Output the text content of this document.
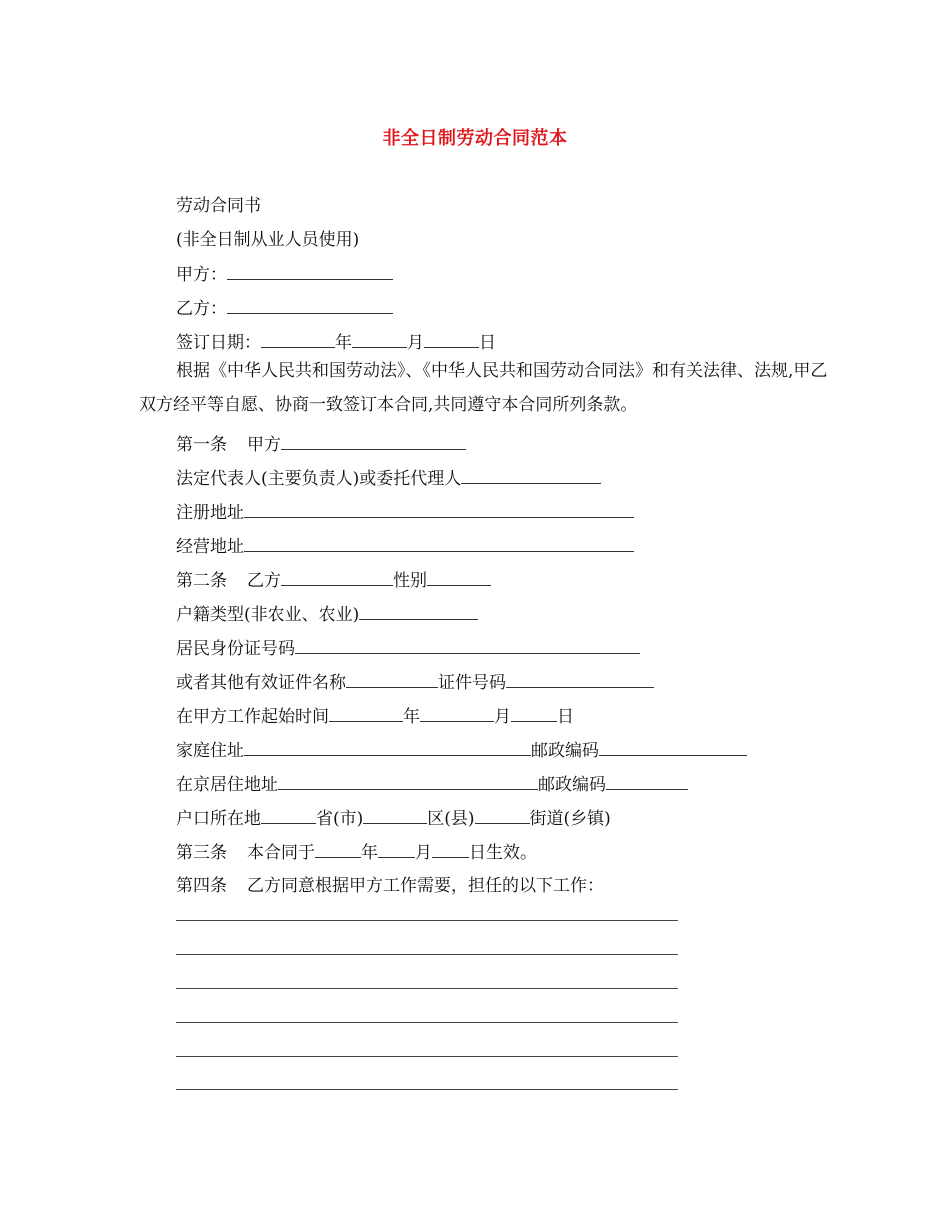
非全日制劳动合同范本
劳动合同书
(非全日制从业人员使用)
甲方：
乙方：
签订日期：	年	月	日
根据《中华人民共和国劳动法》、《中华人民共和国劳动合同法》和有关法律、法规,甲乙双方经平等自愿、协商一致签订本合同,共同遵守本合同所列条款。
第一条 甲方
法定代表人(主要负责人)或委托代理人
注册地址
经营地址
第二条 乙方	性别
户籍类型(非农业、农业)
居民身份证号码
或者其他有效证件名称	证件号码
在甲方工作起始时间	年	月	日
家庭住址	邮政编码
在京居住地址	邮政编码
户口所在地	省(市)	区(县)	街道(乡镇)
第三条 本合同于	年 月 日生效。
第四条 乙方同意根据甲方工作需要，担任的以下工作：
